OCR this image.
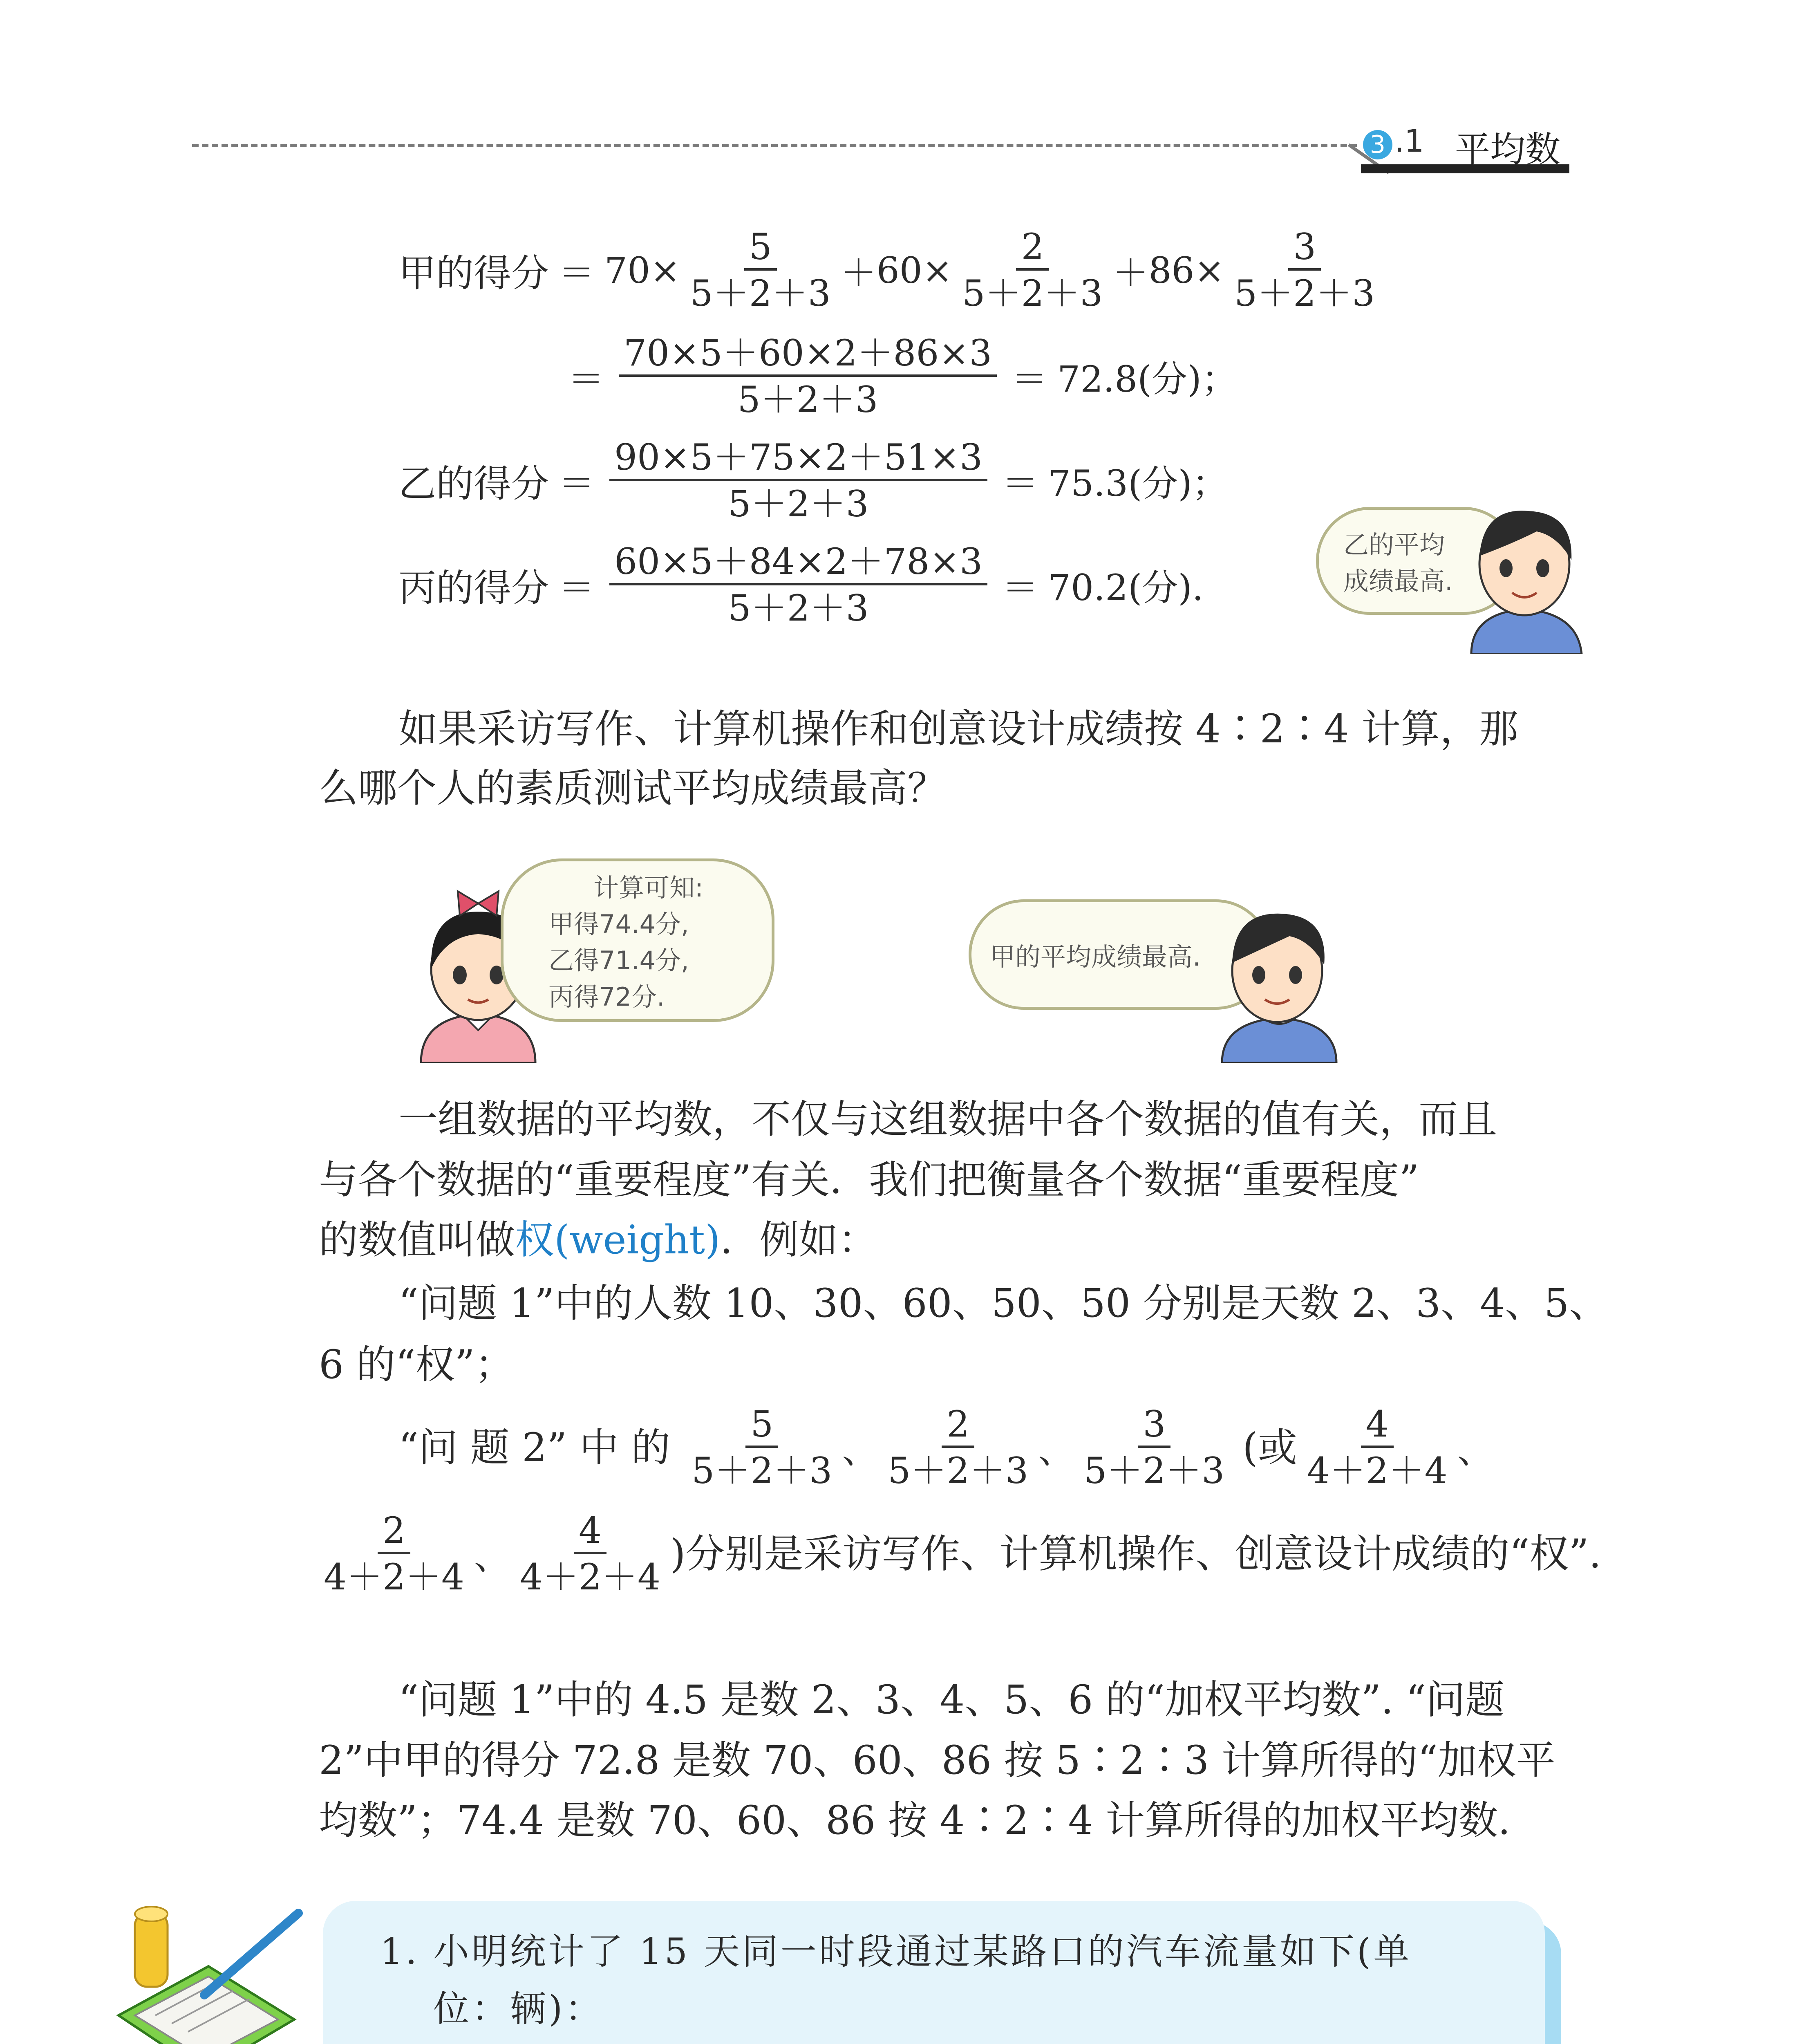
3 .1 平均数
甲的得分 ＝ $70 \times \frac{5}{5+2+3} + 60 \times \frac{2}{5+2+3} + 86 \times \frac{3}{5+2+3}$
＝ $\frac{70\times 5+60\times 2+86\times 3}{5+2+3} = 72.8$(分)；
乙的得分 ＝ $\frac{90\times 5+75\times 2+51\times 3}{5+2+3} = 75.3$(分)；
丙的得分 ＝ $\frac{60\times 5+84\times 2+78\times 3}{5+2+3} = 70.2$(分).
乙的平均
成绩最高.
如果采访写作、计算机操作和创意设计成绩按 4∶2∶4 计算，那
么哪个人的素质测试平均成绩最高？
计算可知:
甲得74.4分,
乙得71.4分,
丙得72分.
甲的平均成绩最高.
一组数据的平均数，不仅与这组数据中各个数据的值有关，而且
与各个数据的“重要程度”有关．我们把衡量各个数据“重要程度”
的数值叫做权(weight)．例如：
“问题 1”中的人数 10、30、60、50、50 分别是天数 2、3、4、5、
6 的“权”；
“问 题 2” 中 的 $\frac{5}{5+2+3}$ 、 $\frac{2}{5+2+3}$ 、 $\frac{3}{5+2+3}$ (或 $\frac{4}{4+2+4}$ 、
$\frac{2}{4+2+4}$ 、 $\frac{4}{4+2+4}$ )分别是采访写作、计算机操作、创意设计成绩的“权”.
“问题 1”中的 4.5 是数 2、3、4、5、6 的“加权平均数”. “问题
2”中甲的得分 72.8 是数 70、60、86 按 5∶2∶3 计算所得的“加权平
均数”；74.4 是数 70、60、86 按 4∶2∶4 计算所得的加权平均数.
1. 小明统计了 15 天同一时段通过某路口的汽车流量如下(单
位：辆)：
